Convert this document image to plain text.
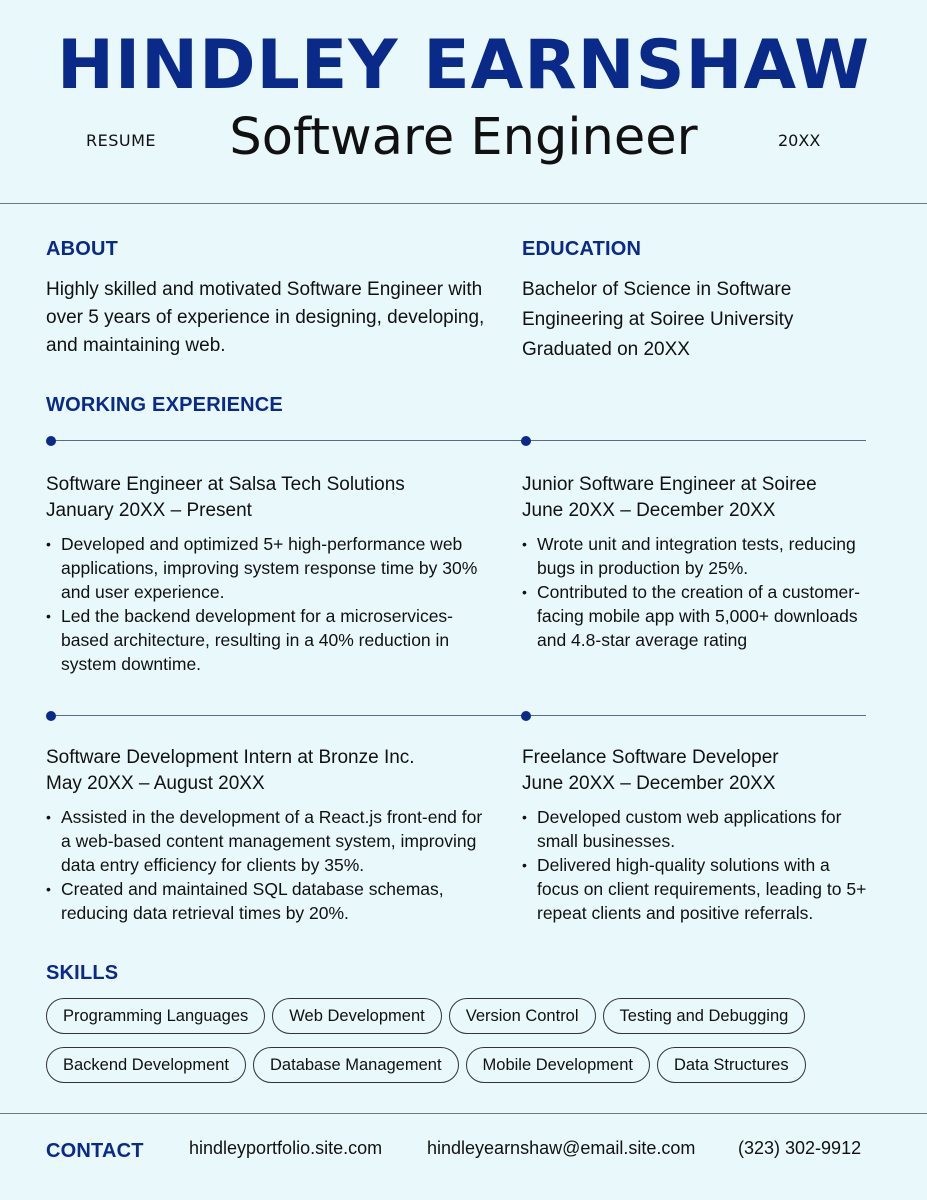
HINDLEY EARNSHAW
RESUME	Software Engineer	20XX
ABOUT
Highly skilled and motivated Software Engineer with over 5 years of experience in designing, developing, and maintaining web.
EDUCATION
Bachelor of Science in Software
Engineering at Soiree University
Graduated on 20XX
WORKING EXPERIENCE
Software Engineer at Salsa Tech Solutions
January 20XX – Present
• Developed and optimized 5+ high-performance web applications, improving system response time by 30% and user experience.
• Led the backend development for a microservices-based architecture, resulting in a 40% reduction in system downtime.
Junior Software Engineer at Soiree
June 20XX – December 20XX
• Wrote unit and integration tests, reducing bugs in production by 25%.
• Contributed to the creation of a customer-facing mobile app with 5,000+ downloads and 4.8-star average rating
Software Development Intern at Bronze Inc.
May 20XX – August 20XX
• Assisted in the development of a React.js front-end for a web-based content management system, improving data entry efficiency for clients by 35%.
• Created and maintained SQL database schemas, reducing data retrieval times by 20%.
Freelance Software Developer
June 20XX – December 20XX
• Developed custom web applications for small businesses.
• Delivered high-quality solutions with a focus on client requirements, leading to 5+ repeat clients and positive referrals.
SKILLS
Programming Languages	Web Development	Version Control	Testing and Debugging
Backend Development	Database Management	Mobile Development	Data Structures
CONTACT	hindleyportfolio.site.com hindleyearnshaw@email.site.com (323) 302-9912
